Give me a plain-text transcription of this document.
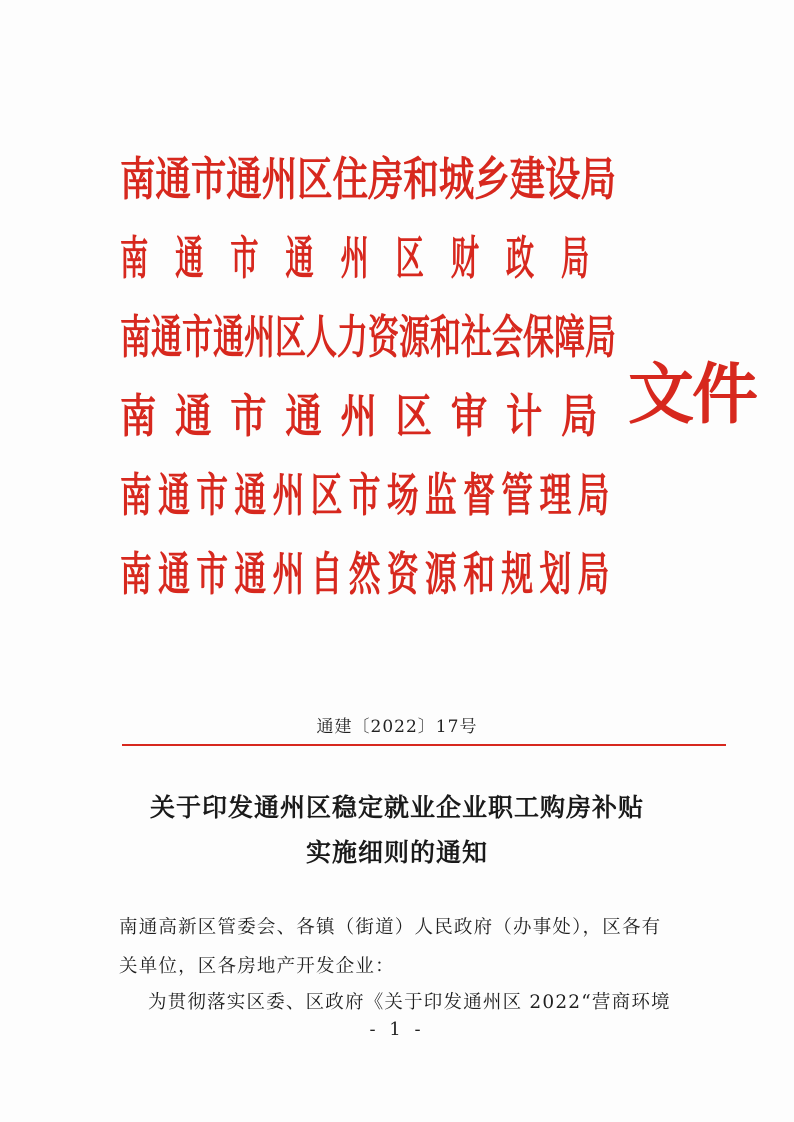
南通市通州区住房和城乡建设局
南通市通州区财政局
南通市通州区人力资源和社会保障局
南通市通州区审计局
南通市通州区市场监督管理局
南通市通州自然资源和规划局
文件
通建〔2022〕17号
关于印发通州区稳定就业企业职工购房补贴
实施细则的通知
南通高新区管委会、各镇（街道）人民政府（办事处），区各有
关单位，区各房地产开发企业：
为贯彻落实区委、区政府《关于印发通州区 2022“营商环境
- 1 -
